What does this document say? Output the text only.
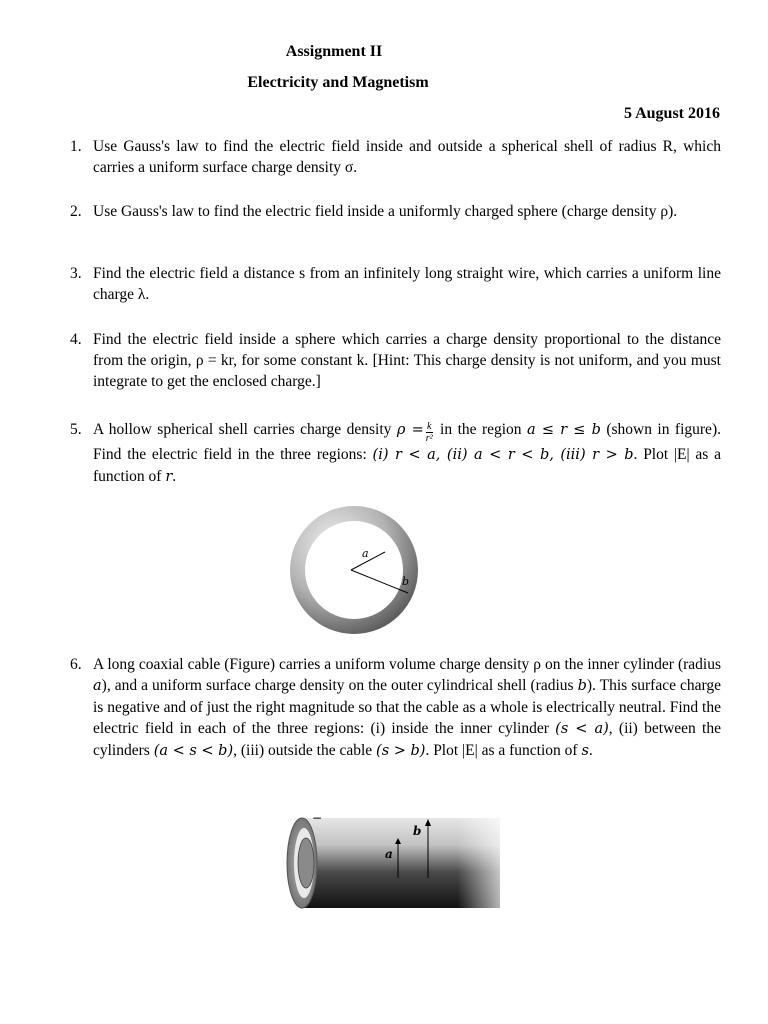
Assignment II
Electricity and Magnetism
5 August 2016
1. Use Gauss's law to find the electric field inside and outside a spherical shell of radius R, which carries a uniform surface charge density σ.
2. Use Gauss's law to find the electric field inside a uniformly charged sphere (charge density ρ).
3. Find the electric field a distance s from an infinitely long straight wire, which carries a uniform line charge λ.
4. Find the electric field inside a sphere which carries a charge density proportional to the distance from the origin, ρ = kr, for some constant k. [Hint: This charge density is not uniform, and you must integrate to get the enclosed charge.]
5. A hollow spherical shell carries charge density $\rho = \frac{k}{\text{r²}}$ in the region a ≤ r ≤ b (shown in figure). Find the electric field in the three regions: (i) r < a, (ii) a < r < b, (iii) r > b. Plot |E| as a function of r.
a
b
6. A long coaxial cable (Figure) carries a uniform volume charge density ρ on the inner cylinder (radius a), and a uniform surface charge density on the outer cylindrical shell (radius b). This surface charge is negative and of just the right magnitude so that the cable as a whole is electrically neutral. Find the electric field in each of the three regions: (i) inside the inner cylinder (s < a), (ii) between the cylinders (a < s < b), (iii) outside the cable (s > b). Plot |E| as a function of s.
a
b
−
